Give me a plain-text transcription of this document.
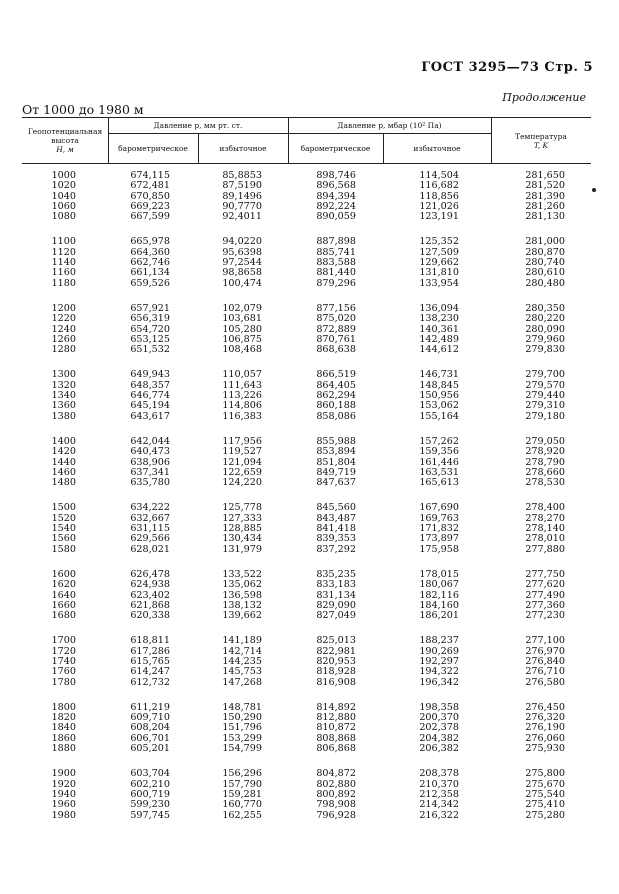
ГОСТ 3295—73 Стр. 5
Продолжение
От 1000 до 1980 м
Геопотенциальная высота
H, м
Давление p, мм рт. ст.	Давление p, мбар (10² Па)
барометрическое	избыточное	барометрическое	избыточное
Температура
T, K
1000	674,115	85,8853	898,746	114,504	281,650
1020	672,481	87,5190	896,568	116,682	281,520
1040	670,850	89,1496	894,394	118,856	281,390
1060	669,223	90,7770	892,224	121,026	281,260
1080	667,599	92,4011	890,059	123,191	281,130
1100	665,978	94,0220	887,898	125,352	281,000
1120	664,360	95,6398	885,741	127,509	280,870
1140	662,746	97,2544	883,588	129,662	280,740
1160	661,134	98,8658	881,440	131,810	280,610
1180	659,526	100,474	879,296	133,954	280,480
1200	657,921	102,079	877,156	136,094	280,350
1220	656,319	103,681	875,020	138,230	280,220
1240	654,720	105,280	872,889	140,361	280,090
1260	653,125	106,875	870,761	142,489	279,960
1280	651,532	108,468	868,638	144,612	279,830
1300	649,943	110,057	866,519	146,731	279,700
1320	648,357	111,643	864,405	148,845	279,570
1340	646,774	113,226	862,294	150,956	279,440
1360	645,194	114,806	860,188	153,062	279,310
1380	643,617	116,383	858,086	155,164	279,180
1400	642,044	117,956	855,988	157,262	279,050
1420	640,473	119,527	853,894	159,356	278,920
1440	638,906	121,094	851,804	161,446	278,790
1460	637,341	122,659	849,719	163,531	278,660
1480	635,780	124,220	847,637	165,613	278,530
1500	634,222	125,778	845,560	167,690	278,400
1520	632,667	127,333	843,487	169,763	278,270
1540	631,115	128,885	841,418	171,832	278,140
1560	629,566	130,434	839,353	173,897	278,010
1580	628,021	131,979	837,292	175,958	277,880
1600	626,478	133,522	835,235	178,015	277,750
1620	624,938	135,062	833,183	180,067	277,620
1640	623,402	136,598	831,134	182,116	277,490
1660	621,868	138,132	829,090	184,160	277,360
1680	620,338	139,662	827,049	186,201	277,230
1700	618,811	141,189	825,013	188,237	277,100
1720	617,286	142,714	822,981	190,269	276,970
1740	615,765	144,235	820,953	192,297	276,840
1760	614,247	145,753	818,928	194,322	276,710
1780	612,732	147,268	816,908	196,342	276,580
1800	611,219	148,781	814,892	198,358	276,450
1820	609,710	150,290	812,880	200,370	276,320
1840	608,204	151,796	810,872	202,378	276,190
1860	606,701	153,299	808,868	204,382	276,060
1880	605,201	154,799	806,868	206,382	275,930
1900	603,704	156,296	804,872	208,378	275,800
1920	602,210	157,790	802,880	210,370	275,670
1940	600,719	159,281	800,892	212,358	275,540
1960	599,230	160,770	798,908	214,342	275,410
1980	597,745	162,255	796,928	216,322	275,280
